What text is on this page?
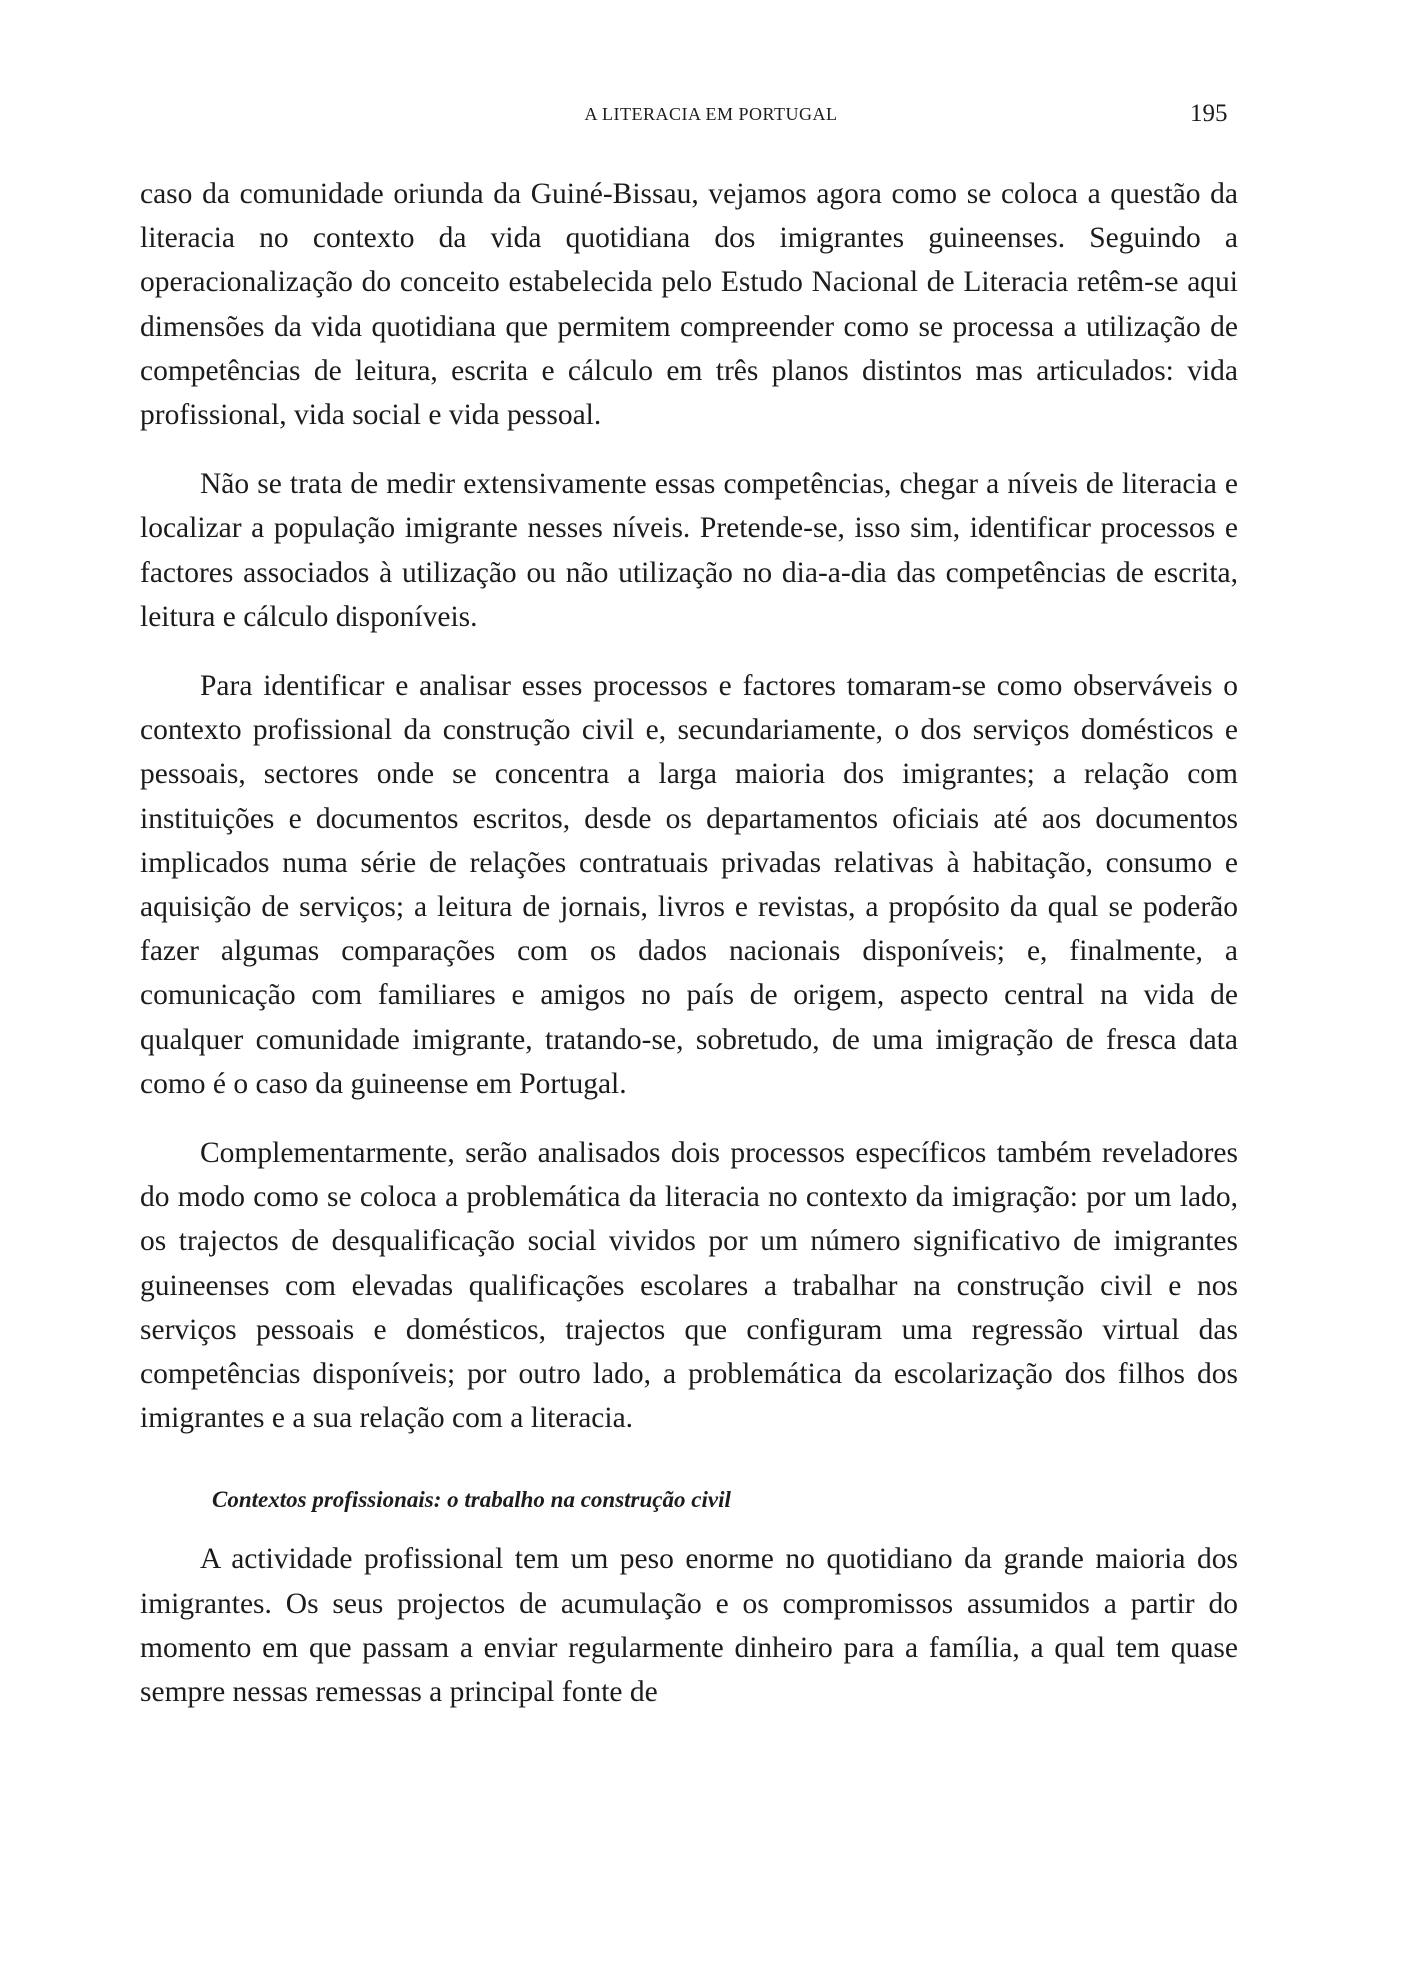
A LITERACIA EM PORTUGAL	195

caso da comunidade oriunda da Guiné-Bissau, vejamos agora como se coloca a questão da literacia no contexto da vida quotidiana dos imigrantes guineenses. Seguindo a operacionalização do conceito estabelecida pelo Estudo Nacional de Literacia retêm-se aqui dimensões da vida quotidiana que permitem compreender como se processa a utilização de competências de leitura, escrita e cálculo em três planos distintos mas articulados: vida profissional, vida social e vida pessoal.

Não se trata de medir extensivamente essas competências, chegar a níveis de literacia e localizar a população imigrante nesses níveis. Pretende-se, isso sim, identificar processos e factores associados à utilização ou não utilização no dia-a-dia das competências de escrita, leitura e cálculo disponíveis.

Para identificar e analisar esses processos e factores tomaram-se como observáveis o contexto profissional da construção civil e, secundariamente, o dos serviços domésticos e pessoais, sectores onde se concentra a larga maioria dos imigrantes; a relação com instituições e documentos escritos, desde os departamentos oficiais até aos documentos implicados numa série de relações contratuais privadas relativas à habitação, consumo e aquisição de serviços; a leitura de jornais, livros e revistas, a propósito da qual se poderão fazer algumas comparações com os dados nacionais disponíveis; e, finalmente, a comunicação com familiares e amigos no país de origem, aspecto central na vida de qualquer comunidade imigrante, tratando-se, sobretudo, de uma imigração de fresca data como é o caso da guineense em Portugal.

Complementarmente, serão analisados dois processos específicos também reveladores do modo como se coloca a problemática da literacia no contexto da imigração: por um lado, os trajectos de desqualificação social vividos por um número significativo de imigrantes guineenses com elevadas qualificações escolares a trabalhar na construção civil e nos serviços pessoais e domésticos, trajectos que configuram uma regressão virtual das competências disponíveis; por outro lado, a problemática da escolarização dos filhos dos imigrantes e a sua relação com a literacia.

Contextos profissionais: o trabalho na construção civil

A actividade profissional tem um peso enorme no quotidiano da grande maioria dos imigrantes. Os seus projectos de acumulação e os compromissos assumidos a partir do momento em que passam a enviar regularmente dinheiro para a família, a qual tem quase sempre nessas remessas a principal fonte de
